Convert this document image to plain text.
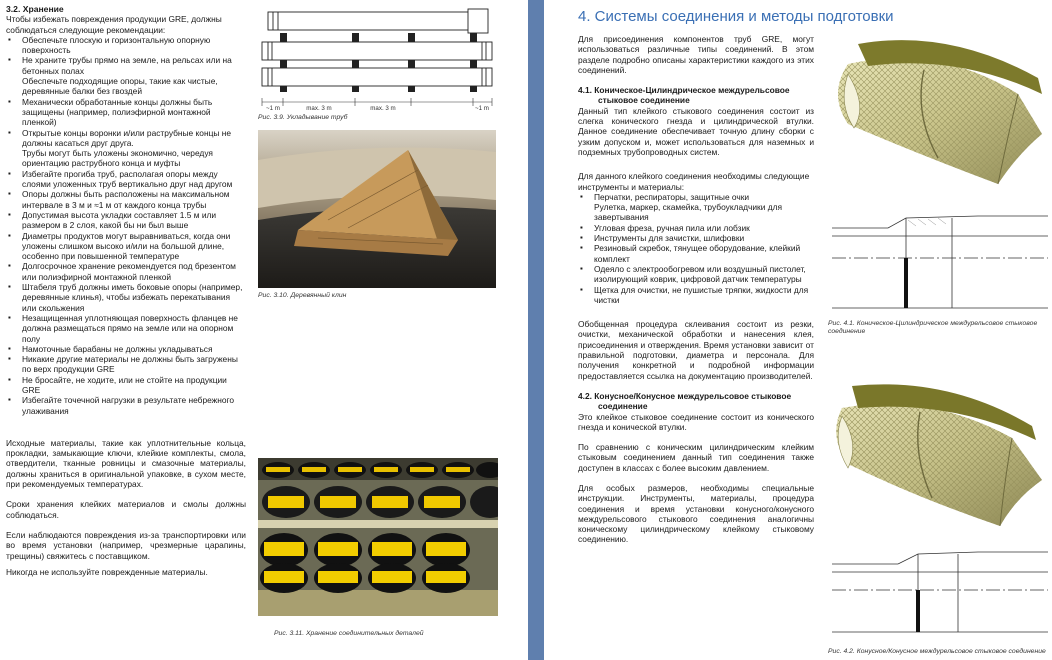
3.2. Хранение

Чтобы избежать повреждения продукции GRE, должны соблюдаться следующие рекомендации:

▪ Обеспечьте плоскую и горизонтальную опорную поверхность
▪ Не храните трубы прямо на земле, на рельсах или на бетонных полах
Обеспечьте подходящие опоры, такие как чистые, деревянные балки без гвоздей
▪ Механически обработанные концы должны быть защищены (например, полиэфирной монтажной пленкой)
▪ Открытые концы воронки и/или раструбные концы не должны касаться друг друга.
Трубы могут быть уложены экономично, чередуя ориентацию раструбного конца и муфты
▪ Избегайте прогиба труб, располагая опоры между слоями уложенных труб вертикально друг над другом
▪ Опоры должны быть расположены на максимальном интервале в 3 м и ≈1 м от каждого конца трубы
▪ Допустимая высота укладки составляет 1.5 м или размером в 2 слоя, какой бы ни был выше
▪ Диаметры продуктов могут выравниваться, когда они уложены слишком высоко и/или на большой длине, особенно при повышенной температуре
▪ Долгосрочное хранение рекомендуется под брезентом или полиэфирной монтажной пленкой
▪ Штабеля труб должны иметь боковые опоры (например, деревянные клинья), чтобы избежать перекатывания или скольжения
▪ Незащищенная уплотняющая поверхность фланцев не должна размещаться прямо на земле или на опорном полу
▪ Намоточные барабаны не должны укладываться
▪ Никакие другие материалы не должны быть загружены по верх продукции GRE
▪ Не бросайте, не ходите, или не стойте на продукции GRE
▪ Избегайте точечной нагрузки в результате небрежного улаживания

Исходные материалы, такие как уплотнительные кольца, прокладки, замыкающие ключи, клейкие комплекты, смола, отвердители, тканные ровницы и смазочные материалы, должны храниться в оригинальной упаковке, в сухом месте, при рекомендуемых температурах.

Сроки хранения клейких материалов и смолы должны соблюдаться.

Если наблюдаются повреждения из-за транспортировки или во время установки (например, чрезмерные царапины, трещины) свяжитесь с поставщиком.

Никогда не используйте поврежденные материалы.

~1 m	max. 3 m	max. 3 m	~1 m
Рис. 3.9. Укладывание труб
Рис. 3.10. Деревянный клин
Рис. 3.11. Хранение соединительных деталей
4. Системы соединения и методы подготовки

Для присоединения компонентов труб GRE, могут использоваться различные типы соединений. В этом разделе подробно описаны характеристики каждого из этих соединений.

4.1. Коническое-Цилиндрическое междурельсовое

стыковое соединение

Данный тип клейкого стыкового соединения состоит из слегка конического гнезда и цилиндрической втулки. Данное соединение обеспечивает точную длину сборки с узким допуском и, может использоваться для наземных и подземных трубопроводных систем.

Для данного клейкого соединения необходимы следующие инструменты и материалы:

▪ Перчатки, респираторы, защитные очки
Рулетка, маркер, скамейка, трубоукладчики для завертывания
▪ Угловая фреза, ручная пила или лобзик
▪ Инструменты для зачистки, шлифовки
▪ Резиновый скребок, тянущее оборудование, клейкий комплект
▪ Одеяло с электрообогревом или воздушный пистолет, изолирующий коврик, цифровой датчик температуры
▪ Щетка для очистки, не пушистые тряпки, жидкости для чистки

Обобщенная процедура склеивания состоит из резки, очистки, механической обработки и нанесения клея, присоединения и отверждения. Время установки зависит от правильной подготовки, диаметра и персонала. Для получения конкретной и подробной информации предоставляется ссылка на документацию производителей.

4.2. Конусное/Конусное междурельсовое стыковое

соединение

Это клейкое стыковое соединение состоит из конического гнезда и конической втулки.

По сравнению с коническим цилиндрическим клейким стыковым соединением данный тип соединения также доступен в классах с более высоким давлением.

Для особых размеров, необходимы специальные инструкции. Инструменты, материалы, процедура соединения и время установки конусного/конусного междурельсового стыкового соединения аналогичны коническому цилиндрическому клейкому стыковому соединению.

Рис. 4.1. Коническое-Цилиндрическое междурельсовое стыковое соединение
Рис. 4.2. Конусное/Конусное междурельсовое стыковое соединение
